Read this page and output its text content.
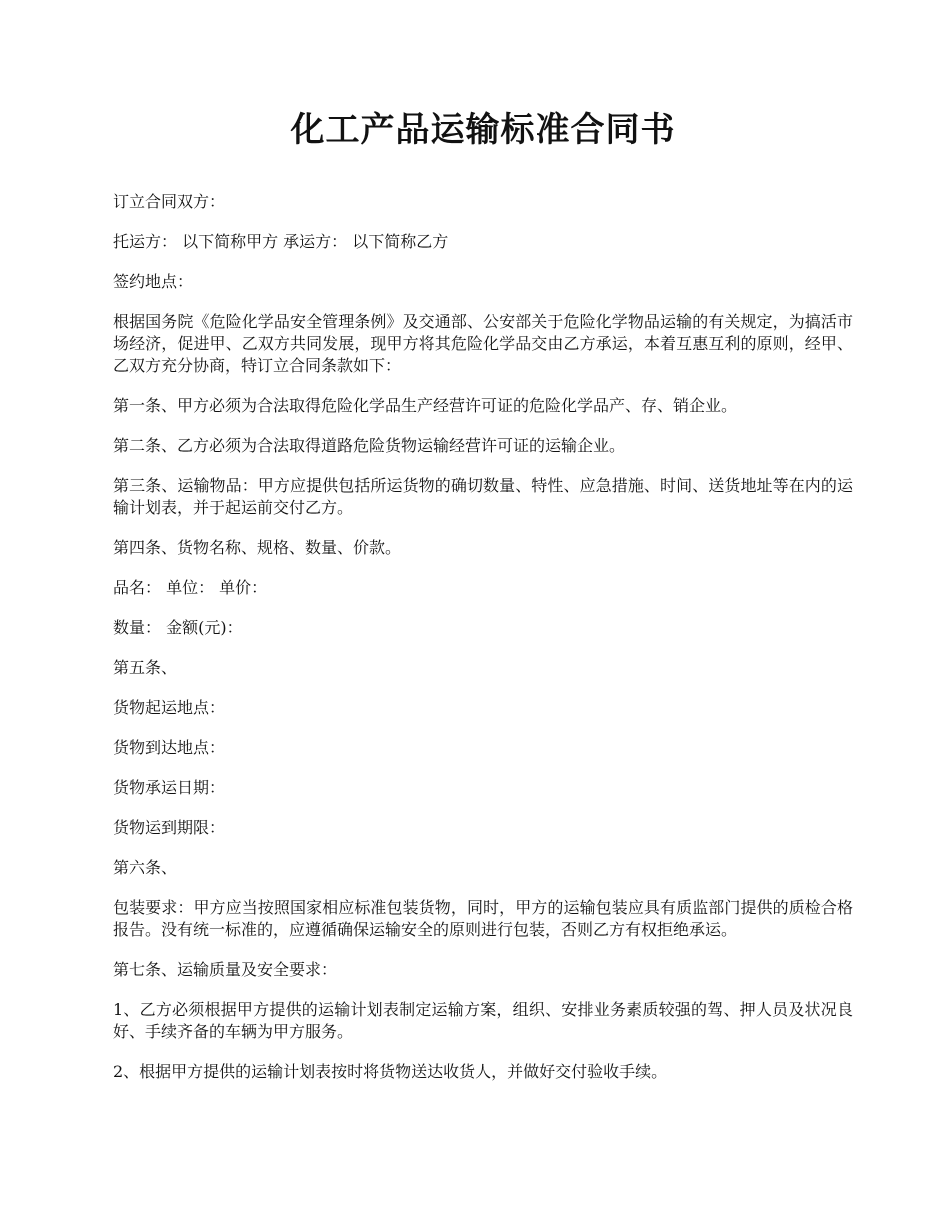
化工产品运输标准合同书

订立合同双方：

托运方： 以下简称甲方 承运方： 以下简称乙方

签约地点：

根据国务院《危险化学品安全管理条例》及交通部、公安部关于危险化学物品运输的有关规定，为搞活市场经济，促进甲、乙双方共同发展，现甲方将其危险化学品交由乙方承运，本着互惠互利的原则，经甲、乙双方充分协商，特订立合同条款如下：

第一条、甲方必须为合法取得危险化学品生产经营许可证的危险化学品产、存、销企业。

第二条、乙方必须为合法取得道路危险货物运输经营许可证的运输企业。

第三条、运输物品：甲方应提供包括所运货物的确切数量、特性、应急措施、时间、送货地址等在内的运输计划表，并于起运前交付乙方。

第四条、货物名称、规格、数量、价款。

品名： 单位： 单价：

数量： 金额(元)：

第五条、

货物起运地点：

货物到达地点：

货物承运日期：

货物运到期限：

第六条、

包装要求：甲方应当按照国家相应标准包装货物，同时，甲方的运输包装应具有质监部门提供的质检合格报告。没有统一标准的，应遵循确保运输安全的原则进行包装，否则乙方有权拒绝承运。

第七条、运输质量及安全要求：

1、乙方必须根据甲方提供的运输计划表制定运输方案，组织、安排业务素质较强的驾、押人员及状况良好、手续齐备的车辆为甲方服务。

2、根据甲方提供的运输计划表按时将货物送达收货人，并做好交付验收手续。
